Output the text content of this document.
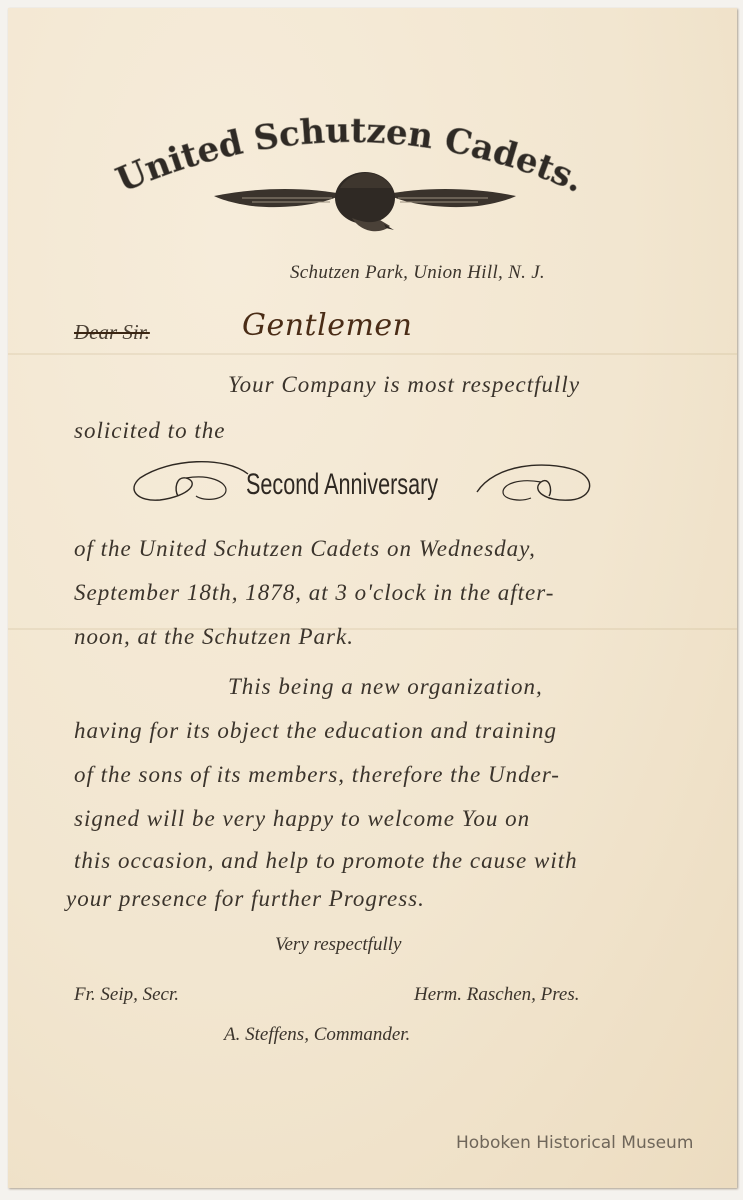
United Schutzen Cadets.
Schutzen Park, Union Hill, N. J.
Dear Sir.	Gentlemen
Your Company is most respectfully
solicited to the
Second Anniversary
of the United Schutzen Cadets on Wednesday,
September 18th, 1878, at 3 o'clock in the after-
noon, at the Schutzen Park.
This being a new organization,
having for its object the education and training
of the sons of its members, therefore the Under-
signed will be very happy to welcome You on
this occasion, and help to promote the cause with
your presence for further Progress.
Very respectfully
Fr. Seip, Secr.	Herm. Raschen, Pres.
A. Steffens, Commander.
Hoboken Historical Museum
